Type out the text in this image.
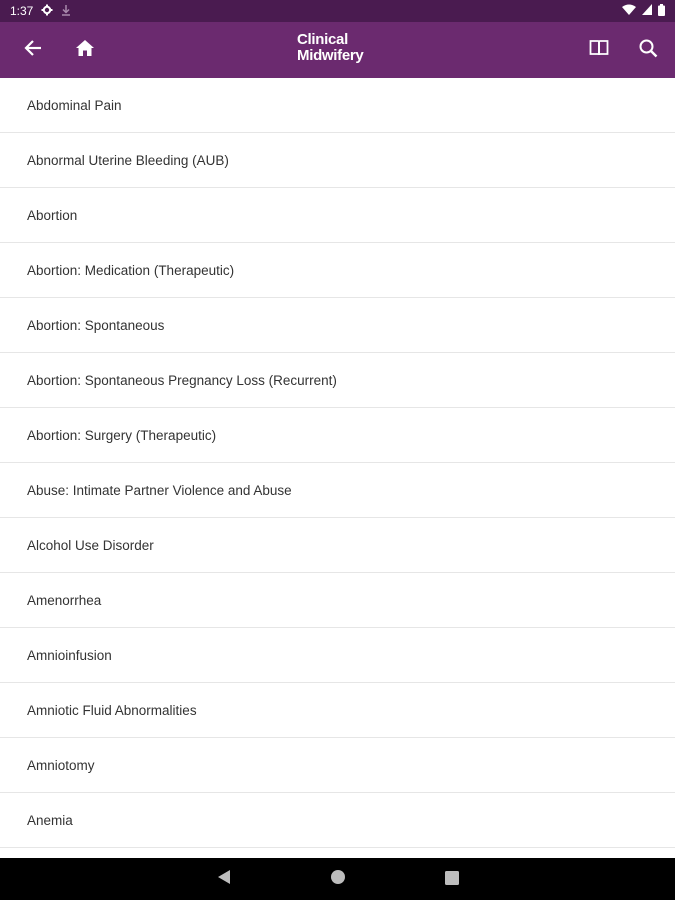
1:37
Clinical
Midwifery
Abdominal Pain
Abnormal Uterine Bleeding (AUB)
Abortion
Abortion: Medication (Therapeutic)
Abortion: Spontaneous
Abortion: Spontaneous Pregnancy Loss (Recurrent)
Abortion: Surgery (Therapeutic)
Abuse: Intimate Partner Violence and Abuse
Alcohol Use Disorder
Amenorrhea
Amnioinfusion
Amniotic Fluid Abnormalities
Amniotomy
Anemia
